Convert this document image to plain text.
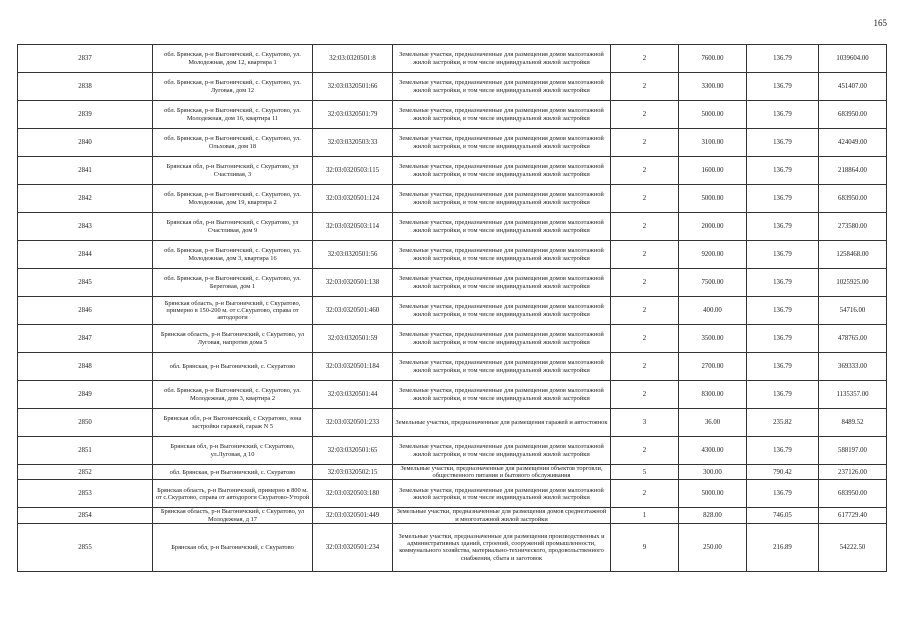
165
2837	обл. Брянская, р-н Выгоничский, с. Скуратово, ул. Молодежная, дом 12, квартира 1	32:03:0320501:8	Земельные участки, предназначенные для размещения домов малоэтажной жилой застройки, в том числе индивидуальной жилой застройки	2	7600.00	136.79	1039604.00
2838	обл. Брянская, р-н Выгоничский, с. Скуратово, ул. Луговая, дом 12	32:03:0320501:66	Земельные участки, предназначенные для размещения домов малоэтажной жилой застройки, в том числе индивидуальной жилой застройки	2	3300.00	136.79	451407.00
2839	обл. Брянская, р-н Выгоничский, с. Скуратово, ул. Молодежная, дом 16, квартира 11	32:03:0320501:79	Земельные участки, предназначенные для размещения домов малоэтажной жилой застройки, в том числе индивидуальной жилой застройки	2	5000.00	136.79	683950.00
2840	обл. Брянская, р-н Выгоничский, с. Скуратово, ул. Ольховая, дом 18	32:03:0320503:33	Земельные участки, предназначенные для размещения домов малоэтажной жилой застройки, в том числе индивидуальной жилой застройки	2	3100.00	136.79	424049.00
2841	Брянская обл, р-н Выгоничский, с Скуратово, ул Счастливая, 3	32:03:0320503:115	Земельные участки, предназначенные для размещения домов малоэтажной жилой застройки, в том числе индивидуальной жилой застройки	2	1600.00	136.79	218864.00
2842	обл. Брянская, р-н Выгоничский, с. Скуратово, ул. Молодежная, дом 19, квартира 2	32:03:0320501:124	Земельные участки, предназначенные для размещения домов малоэтажной жилой застройки, в том числе индивидуальной жилой застройки	2	5000.00	136.79	683950.00
2843	Брянская обл, р-н Выгоничский, с Скуратово, ул Счастливая, дом 9	32:03:0320503:114	Земельные участки, предназначенные для размещения домов малоэтажной жилой застройки, в том числе индивидуальной жилой застройки	2	2000.00	136.79	273580.00
2844	обл. Брянская, р-н Выгоничский, с. Скуратово, ул. Молодежная, дом 3, квартира 16	32:03:0320501:56	Земельные участки, предназначенные для размещения домов малоэтажной жилой застройки, в том числе индивидуальной жилой застройки	2	9200.00	136.79	1258468.00
2845	обл. Брянская, р-н Выгоничский, с. Скуратово, ул. Береговая, дом 1	32:03:0320501:138	Земельные участки, предназначенные для размещения домов малоэтажной жилой застройки, в том числе индивидуальной жилой застройки	2	7500.00	136.79	1025925.00
2846	Брянская область, р-н Выгоничский, с Скуратово, примерно в 150-200 м. от с.Скуратово, справа от автодороги	32:03:0320501:460	Земельные участки, предназначенные для размещения домов малоэтажной жилой застройки, в том числе индивидуальной жилой застройки	2	400.00	136.79	54716.00
2847	Брянская область, р-н Выгоничский, с Скуратово, ул Луговая, напротив дома 5	32:03:0320501:59	Земельные участки, предназначенные для размещения домов малоэтажной жилой застройки, в том числе индивидуальной жилой застройки	2	3500.00	136.79	478765.00
2848	обл. Брянская, р-н Выгоничский, с. Скуратово	32:03:0320501:184	Земельные участки, предназначенные для размещения домов малоэтажной жилой застройки, в том числе индивидуальной жилой застройки	2	2700.00	136.79	369333.00
2849	обл. Брянская, р-н Выгоничский, с. Скуратово, ул. Молодежная, дом 3, квартира 2	32:03:0320501:44	Земельные участки, предназначенные для размещения домов малоэтажной жилой застройки, в том числе индивидуальной жилой застройки	2	8300.00	136.79	1135357.00
2850	Брянская обл, р-н Выгоничский, с Скуратово, зона застройки гаражей, гараж N 5	32:03:0320501:233	Земельные участки, предназначенные для размещения гаражей и автостоянок	3	36.00	235.82	8489.52
2851	Брянская обл, р-н Выгоничский, с Скуратово, ул.Луговая, д 10	32:03:0320501:65	Земельные участки, предназначенные для размещения домов малоэтажной жилой застройки, в том числе индивидуальной жилой застройки	2	4300.00	136.79	588197.00
2852	обл. Брянская, р-н Выгоничский, с. Скуратово	32:03:0320502:15	Земельные участки, предназначенные для размещения объектов торговли, общественного питания и бытового обслуживания	5	300.00	790.42	237126.00
2853	Брянская область, р-н Выгоничский, примерно в 800 м. от с.Скуратово, справа от автодороги Скуратово-Уторой	32:03:0320503:180	Земельные участки, предназначенные для размещения домов малоэтажной жилой застройки, в том числе индивидуальной жилой застройки	2	5000.00	136.79	683950.00
2854	Брянская область, р-н Выгоничский, с Скуратово, ул Молодежная, д 17	32:03:0320501:449	Земельные участки, предназначенные для размещения домов среднеэтажной и многоэтажной жилой застройки	1	828.00	746.05	617729.40
2855	Брянская обл, р-н Выгоничский, с Скуратово	32:03:0320501:234	Земельные участки, предназначенные для размещения производственных и административных зданий, строений, сооружений промышленности, коммунального хозяйства, материально-технического, продовольственного снабжения, сбыта и заготовок	9	250.00	216.89	54222.50
